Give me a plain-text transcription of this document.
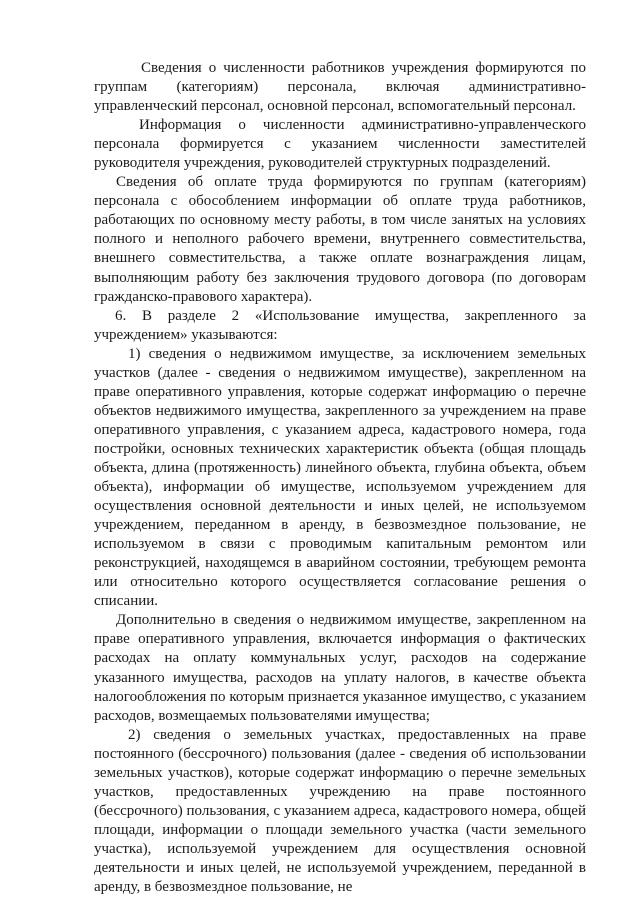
Сведения о численности работников учреждения формируются по группам (категориям) персонала, включая административно-управленческий персонал, основной персонал, вспомогательный персонал.

Информация о численности административно-управленческого персонала формируется с указанием численности заместителей руководителя учреждения, руководителей структурных подразделений.

Сведения об оплате труда формируются по группам (категориям) персонала с обособлением информации об оплате труда работников, работающих по основному месту работы, в том числе занятых на условиях полного и неполного рабочего времени, внутреннего совместительства, внешнего совместительства, а также оплате вознаграждения лицам, выполняющим работу без заключения трудового договора (по договорам гражданско-правового характера).

6. В разделе 2 «Использование имущества, закрепленного за учреждением» указываются:

1) сведения о недвижимом имуществе, за исключением земельных участков (далее - сведения о недвижимом имуществе), закрепленном на праве оперативного управления, которые содержат информацию о перечне объектов недвижимого имущества, закрепленного за учреждением на праве оперативного управления, с указанием адреса, кадастрового номера, года постройки, основных технических характеристик объекта (общая площадь объекта, длина (протяженность) линейного объекта, глубина объекта, объем объекта), информации об имуществе, используемом учреждением для осуществления основной деятельности и иных целей, не используемом учреждением, переданном в аренду, в безвозмездное пользование, не используемом в связи с проводимым капитальным ремонтом или реконструкцией, находящемся в аварийном состоянии, требующем ремонта или относительно которого осуществляется согласование решения о списании.

Дополнительно в сведения о недвижимом имуществе, закрепленном на праве оперативного управления, включается информация о фактических расходах на оплату коммунальных услуг, расходов на содержание указанного имущества, расходов на уплату налогов, в качестве объекта налогообложения по которым признается указанное имущество, с указанием расходов, возмещаемых пользователями имущества;

2) сведения о земельных участках, предоставленных на праве постоянного (бессрочного) пользования (далее - сведения об использовании земельных участков), которые содержат информацию о перечне земельных участков, предоставленных учреждению на праве постоянного (бессрочного) пользования, с указанием адреса, кадастрового номера, общей площади, информации о площади земельного участка (части земельного участка), используемой учреждением для осуществления основной деятельности и иных целей, не используемой учреждением, переданной в аренду, в безвозмездное пользование, не
